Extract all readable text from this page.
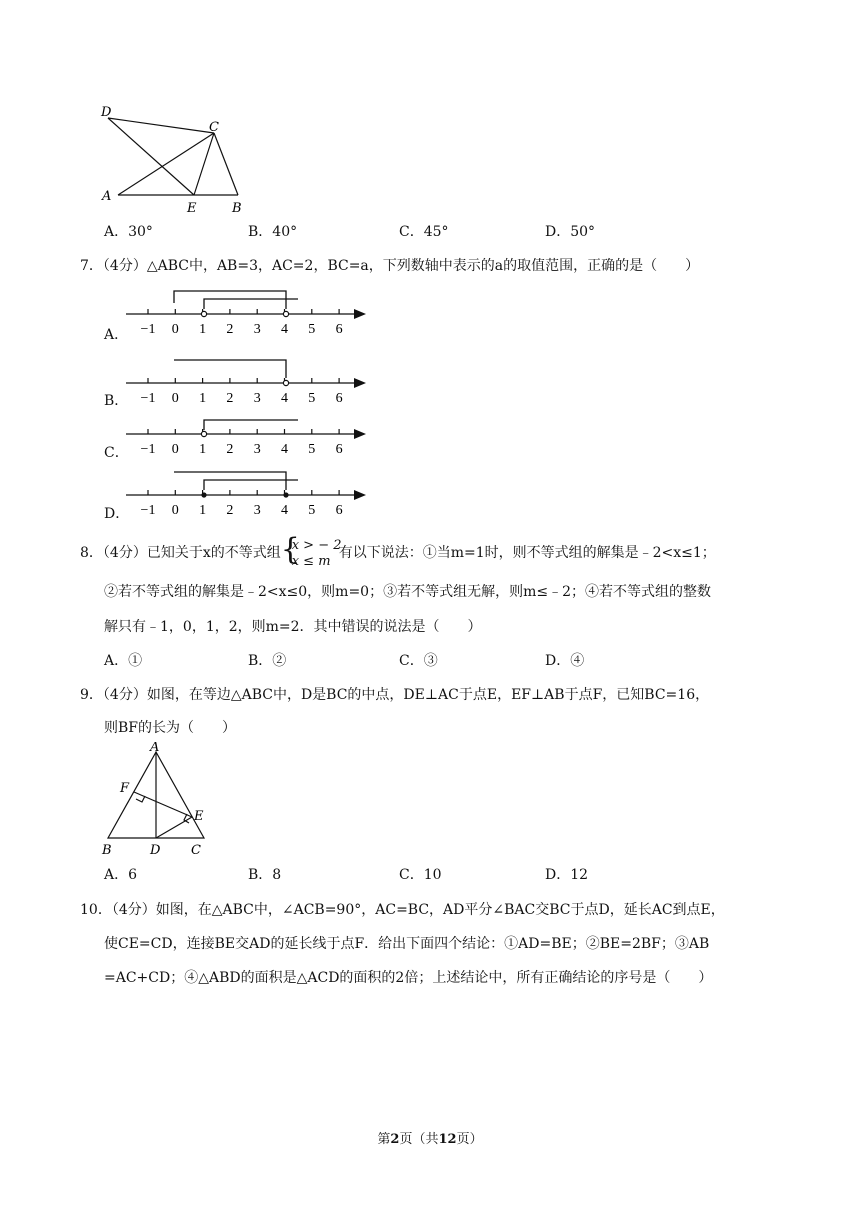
D
C
A
E	B
A．30°	B．40°	C．45°	D．50°
7．（4分）△ABC中，AB=3，AC=2，BC=a，下列数轴中表示的a的取值范围，正确的是（　　）
A． −1 0 1 2 3 4 5 6
B． −1 0 1 2 3 4 5 6
C． −1 0 1 2 3 4 5 6
D． −1 0 1 2 3 4 5 6
8．（4分）已知关于x的不等式组 {
x > − 2
x ≤ m
有以下说法：①当m=1时，则不等式组的解集是﹣2<x≤1；
②若不等式组的解集是﹣2<x≤0，则m=0；③若不等式组无解，则m≤﹣2；④若不等式组的整数
解只有﹣1，0，1，2，则m=2．其中错误的说法是（　　）
A．①	B．②	C．③	D．④
9．（4分）如图，在等边△ABC中，D是BC的中点，DE⊥AC于点E，EF⊥AB于点F，已知BC=16，
则BF的长为（　　）
A
F
E
B	D C
A．6	B．8	C．10	D．12
10．（4分）如图，在△ABC中，∠ACB=90°，AC=BC，AD平分∠BAC交BC于点D，延长AC到点E，
使CE=CD，连接BE交AD的延长线于点F．给出下面四个结论：①AD=BE；②BE=2BF；③AB
=AC+CD；④△ABD的面积是△ACD的面积的2倍；上述结论中，所有正确结论的序号是（　　）
第2页（共12页）
